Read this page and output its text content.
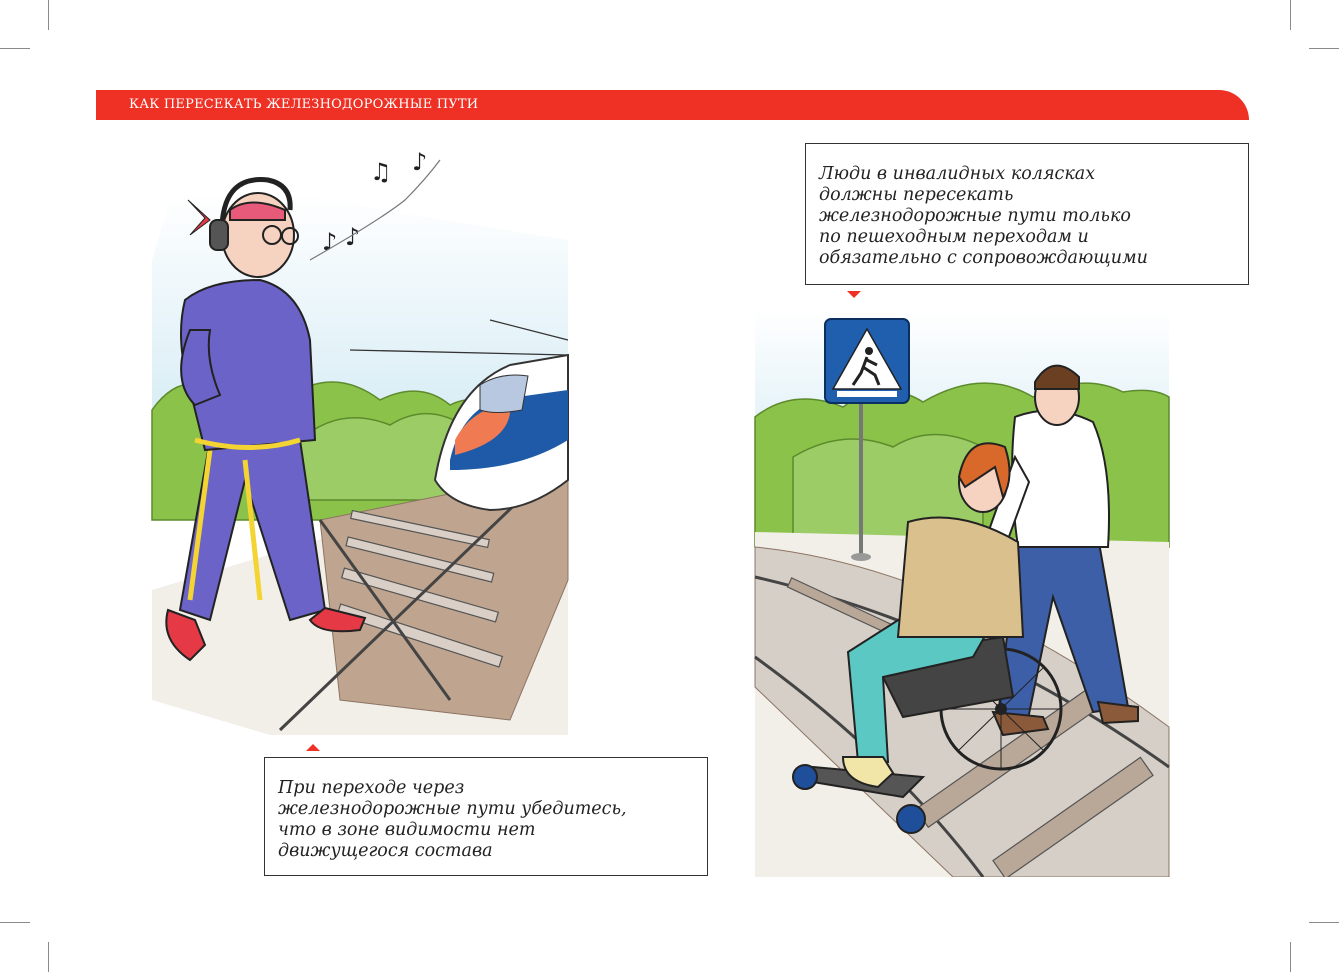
КАК ПЕРЕСЕКАТЬ ЖЕЛЕЗНОДОРОЖНЫЕ ПУТИ
♫ ♪
♪ ♪
При переходе через
железнодорожные пути убедитесь,
что в зоне видимости нет
движущегося состава
Люди в инвалидных колясках
должны пересекать
железнодорожные пути только
по пешеходным переходам и
обязательно с сопровождающими
